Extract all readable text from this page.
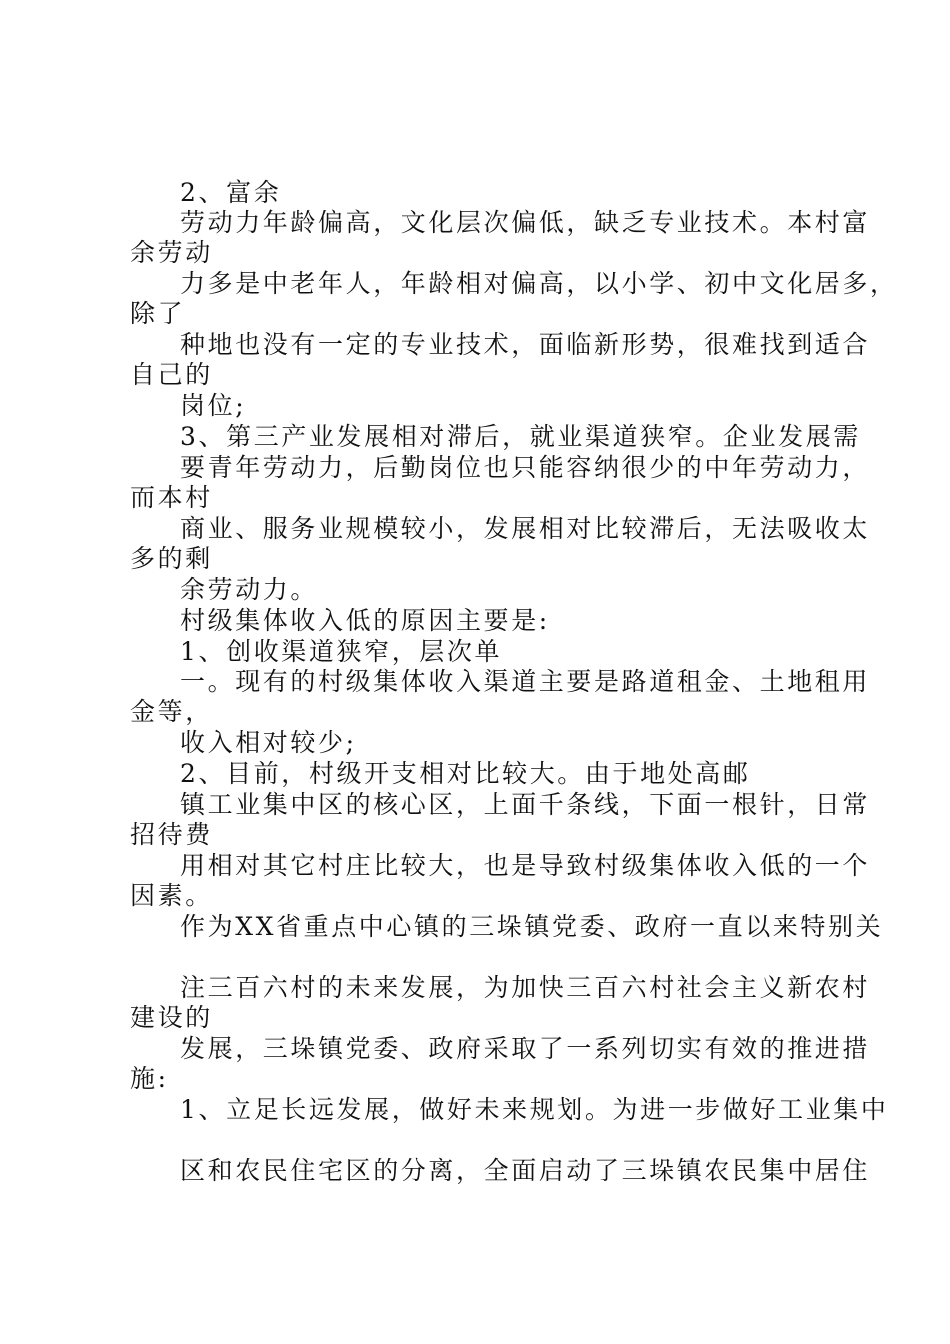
2、富余
劳动力年龄偏高，文化层次偏低，缺乏专业技术。本村富
余劳动
力多是中老年人，年龄相对偏高，以小学、初中文化居多，
除了
种地也没有一定的专业技术，面临新形势，很难找到适合
自己的
岗位;
3、第三产业发展相对滞后，就业渠道狭窄。企业发展需
要青年劳动力，后勤岗位也只能容纳很少的中年劳动力，
而本村
商业、服务业规模较小，发展相对比较滞后，无法吸收太
多的剩
余劳动力。
村级集体收入低的原因主要是:
1、创收渠道狭窄，层次单
一。现有的村级集体收入渠道主要是路道租金、土地租用
金等，
收入相对较少;
2、目前，村级开支相对比较大。由于地处高邮
镇工业集中区的核心区，上面千条线，下面一根针，日常
招待费
用相对其它村庄比较大，也是导致村级集体收入低的一个
因素。
作为XX省重点中心镇的三垛镇党委、政府一直以来特别关
注三百六村的未来发展，为加快三百六村社会主义新农村
建设的
发展，三垛镇党委、政府采取了一系列切实有效的推进措
施:
1、立足长远发展，做好未来规划。为进一步做好工业集中
区和农民住宅区的分离，全面启动了三垛镇农民集中居住
